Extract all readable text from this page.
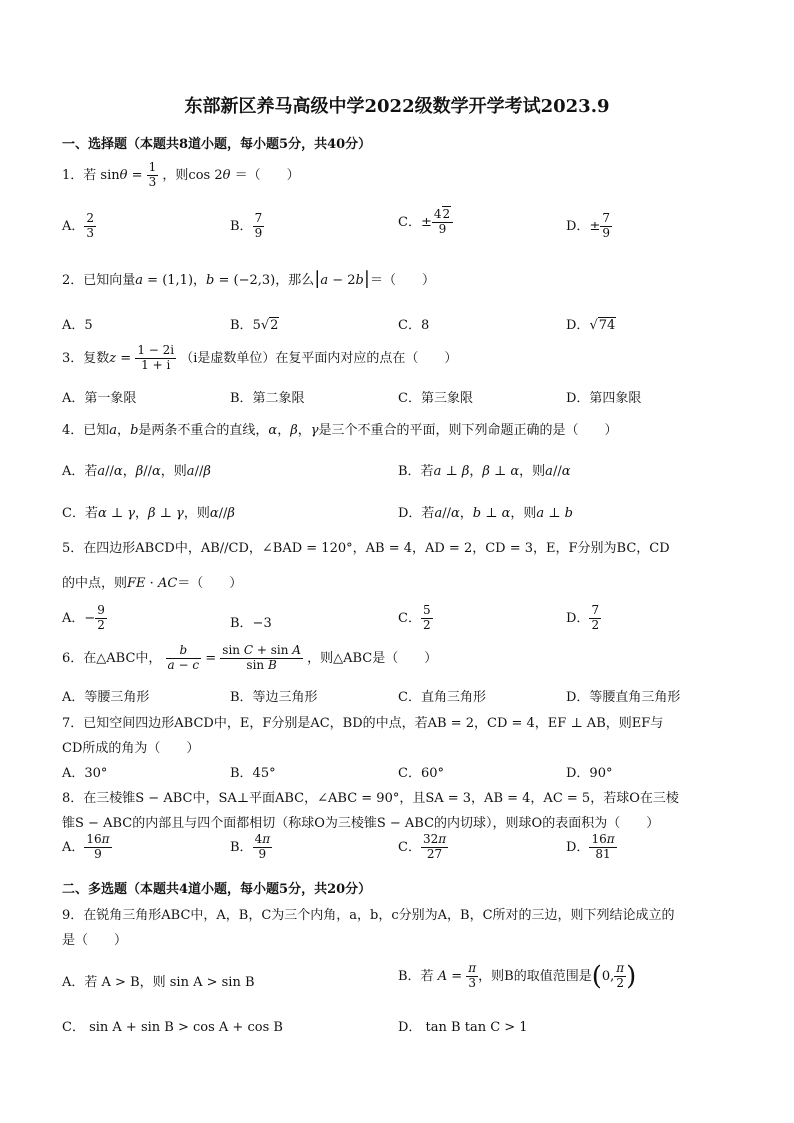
东部新区养马高级中学2022级数学开学考试2023.9
一、选择题（本题共8道小题，每小题5分，共40分）
1．若 $\sin\theta = \frac{1}{3}$ ，则cos 2θ ＝（　　）
A． $\frac{2}{3}$	B． $\frac{7}{9}$	C．± $\frac{42}{9}$	D．± $\frac{7}{9}$
2．已知向量a = (1,1)，b = (−2,3)，那么|a − 2b|＝（　　）
A．5	B．5√2	C．8	D．√74
3．复数$z = \frac{1 - 2i}{1 + i} (i$是虚数单位）在复平面内对应的点在（　　）
A．第一象限	B．第二象限	C．第三象限	D．第四象限
4．已知a，b是两条不重合的直线，α，β，γ是三个不重合的平面，则下列命题正确的是（　　）
A．若a//α，β//α，则a//β	B．若a ⊥ β，β ⊥ α，则a//α
C．若α ⊥ γ，β ⊥ γ，则α//β	D．若a//α，b ⊥ α，则a ⊥ b
5．在四边形ABCD中，AB//CD，∠BAD = 120°，AB = 4，AD = 2，CD = 3，E，F分别为BC，CD
的中点，则FE · AC＝（　　）
A．− $\frac{9}{2}$	B．−3	C． $\frac{5}{2}$	D． $\frac{7}{2}$
6．在△ABC中， $\frac{b}{a - c} = \frac{\text{sin C + sin A}}{\text{sin B}}$ ，则△ABC是（　　）
A．等腰三角形	B．等边三角形	C．直角三角形	D．等腰直角三角形
7．已知空间四边形ABCD中，E，F分别是AC，BD的中点，若AB = 2，CD = 4，EF ⊥ AB，则EF与
CD所成的角为（　　）
A．30°	B．45°	C．60°	D．90°
8．在三棱锥S − ABC中，SA⊥平面ABC，∠ABC = 90°，且SA = 3，AB = 4，AC = 5，若球O在三棱
锥S − ABC的内部且与四个面都相切（称球O为三棱锥S − ABC的内切球），则球O的表面积为（　　）
A． $\frac{16\pi}{9}$	B． $\frac{4\pi}{9}$	C． $\frac{32\pi}{27}$	D． $\frac{16\pi}{81}$
二、多选题（本题共4道小题，每小题5分，共20分）
9．在锐角三角形ABC中，A，B，C为三个内角，a，b，c分别为A，B，C所对的三边，则下列结论成立的
是（　　）
A．若 A > B，则 sin A > sin B	B．若 $A = \frac{\pi}{3}$ ，则B的取值范围是(0, $\frac{\pi}{2}$ )
C． sin A + sin B > cos A + cos B	D． tan B tan C > 1
